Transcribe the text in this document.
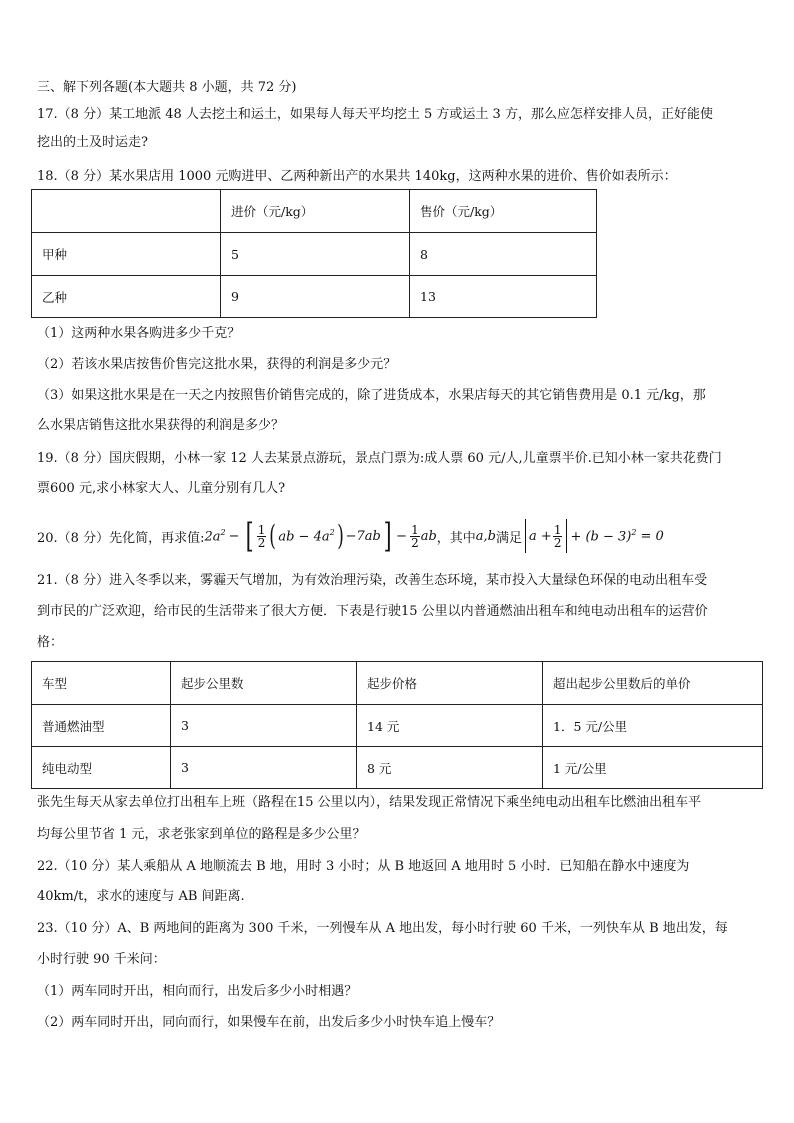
三、解下列各题(本大题共 8 小题，共 72 分)
17.（8 分）某工地派 48 人去挖土和运土，如果每人每天平均挖土 5 方或运土 3 方，那么应怎样安排人员，正好能使
挖出的土及时运走?
18.（8 分）某水果店用 1000 元购进甲、乙两种新出产的水果共 140kg，这两种水果的进价、售价如表所示：
	进价（元/kg）	售价（元/kg）
甲种	5	8
乙种	9	13
（1）这两种水果各购进多少千克？
（2）若该水果店按售价售完这批水果，获得的利润是多少元？
（3）如果这批水果是在一天之内按照售价销售完成的，除了进货成本，水果店每天的其它销售费用是 0.1 元/kg，那
么水果店销售这批水果获得的利润是多少？
19.（8 分）国庆假期，小林一家 12 人去某景点游玩，景点门票为:成人票 60 元/人,儿童票半价.已知小林一家共花费门
票600 元,求小林家大人、儿童分别有几人?
20.（8 分）先化简，再求值: $2a^2$ − [ $\frac{1}{2}$ ( ab − $4a^2$ ) −7ab ] − $\frac{1}{2}$ ab ，其中 a,b 满足 $a + \frac{1}{2} + (b - 3)^2 = 0$
21.（8 分）进入冬季以来，雾霾天气增加，为有效治理污染，改善生态环境，某市投入大量绿色环保的电动出租车受
到市民的广泛欢迎，给市民的生活带来了很大方便．下表是行驶15 公里以内普通燃油出租车和纯电动出租车的运营价
格：
车型	起步公里数	起步价格	超出起步公里数后的单价
普通燃油型	3	14 元	1．5 元/公里
纯电动型	3	8 元	1 元/公里
张先生每天从家去单位打出租车上班（路程在15 公里以内），结果发现正常情况下乘坐纯电动出租车比燃油出租车平
均每公里节省 1 元，求老张家到单位的路程是多少公里？
22.（10 分）某人乘船从 A 地顺流去 B 地，用时 3 小时；从 B 地返回 A 地用时 5 小时．已知船在静水中速度为
40km/t，求水的速度与 AB 间距离.
23.（10 分）A、B 两地间的距离为 300 千米，一列慢车从 A 地出发，每小时行驶 60 千米，一列快车从 B 地出发，每
小时行驶 90 千米问：
（1）两车同时开出，相向而行，出发后多少小时相遇？
（2）两车同时开出，同向而行，如果慢车在前，出发后多少小时快车追上慢车？
